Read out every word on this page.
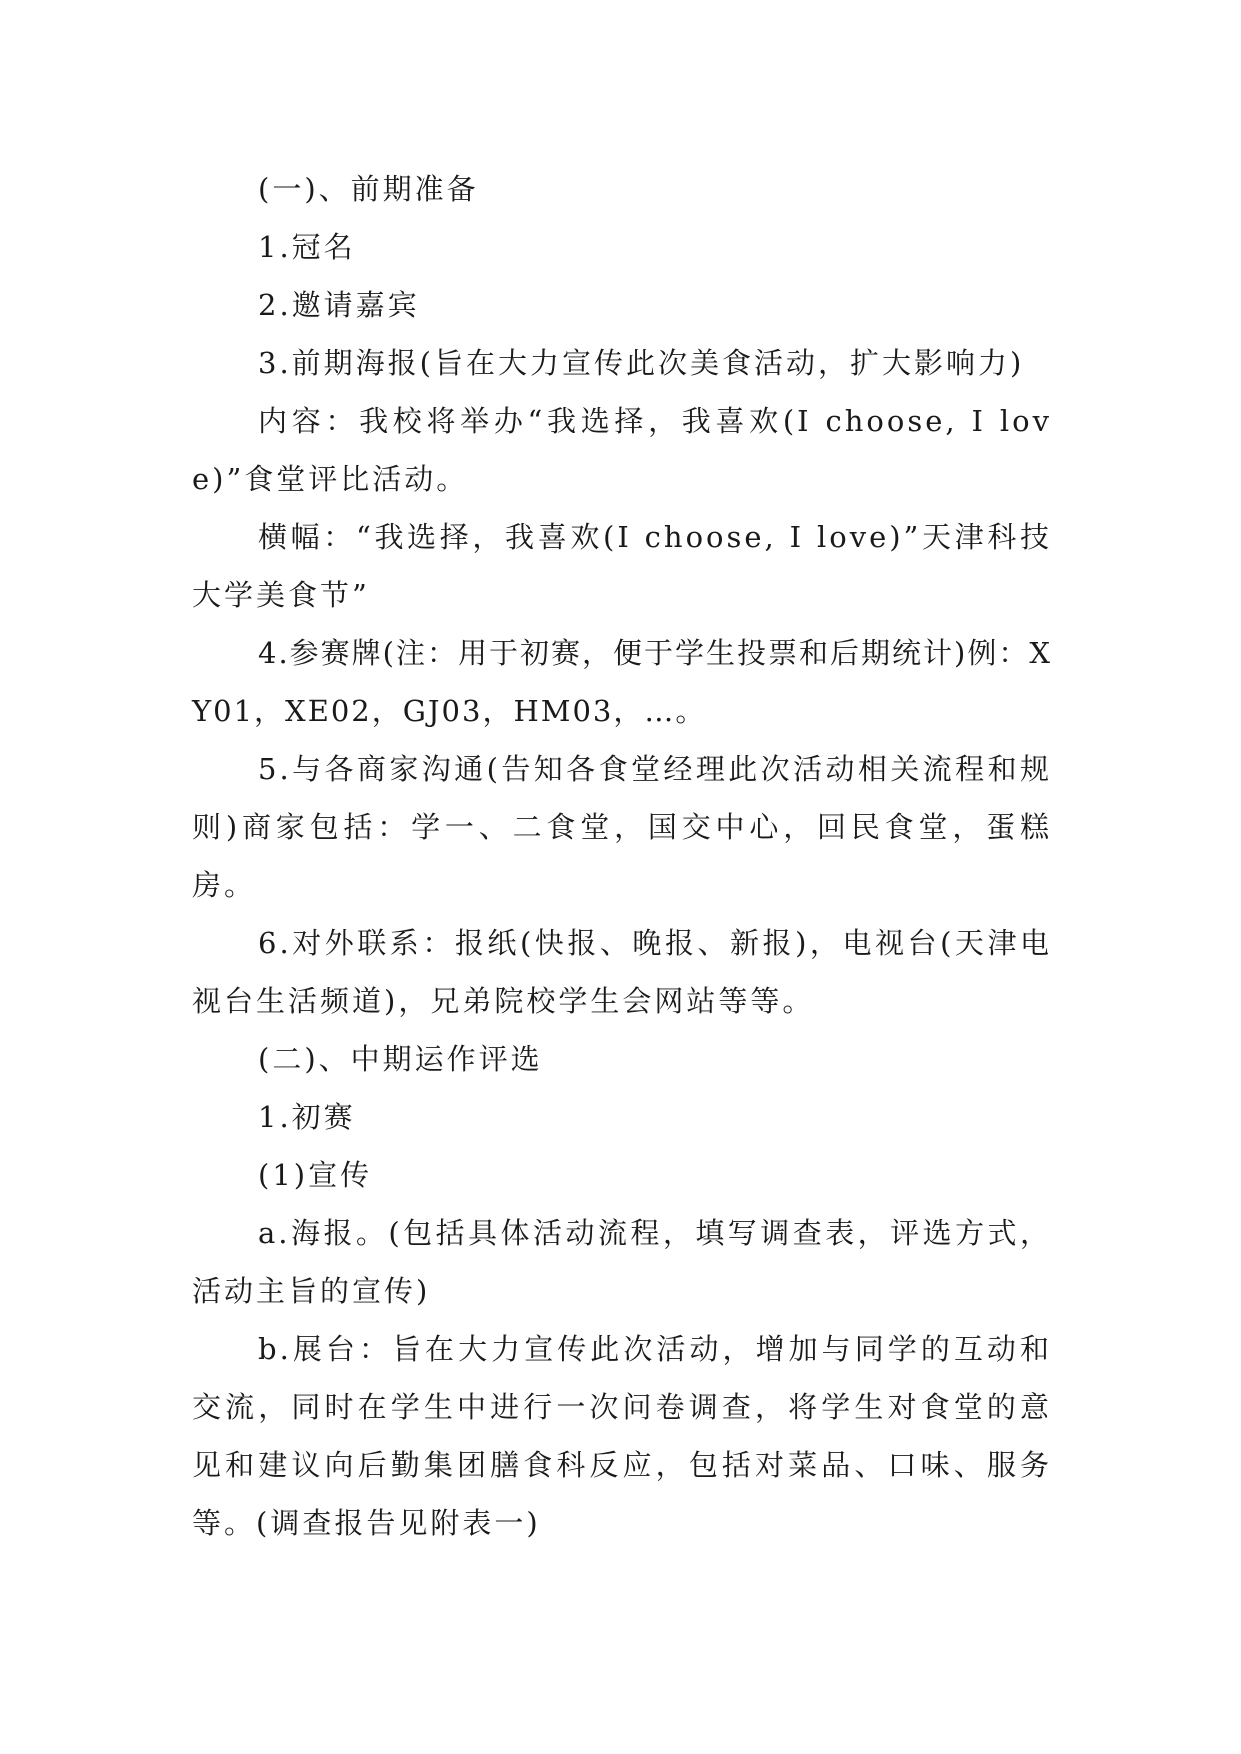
(一)、前期准备

1.冠名

2.邀请嘉宾

3.前期海报(旨在大力宣传此次美食活动，扩大影响力)

内容：我校将举办“我选择，我喜欢(I choose, I love)”食堂评比活动。

横幅：“我选择，我喜欢(I choose, I love)”天津科技大学美食节”

4.参赛牌(注：用于初赛，便于学生投票和后期统计)例：XY01，XE02，GJ03，HM03，…。

5.与各商家沟通(告知各食堂经理此次活动相关流程和规则)商家包括：学一、二食堂，国交中心，回民食堂，蛋糕房。

6.对外联系：报纸(快报、晚报、新报)，电视台(天津电视台生活频道)，兄弟院校学生会网站等等。

(二)、中期运作评选

1.初赛

(1)宣传

a.海报。(包括具体活动流程，填写调查表，评选方式，活动主旨的宣传)

b.展台：旨在大力宣传此次活动，增加与同学的互动和交流，同时在学生中进行一次问卷调查，将学生对食堂的意见和建议向后勤集团膳食科反应，包括对菜品、口味、服务等。(调查报告见附表一)
